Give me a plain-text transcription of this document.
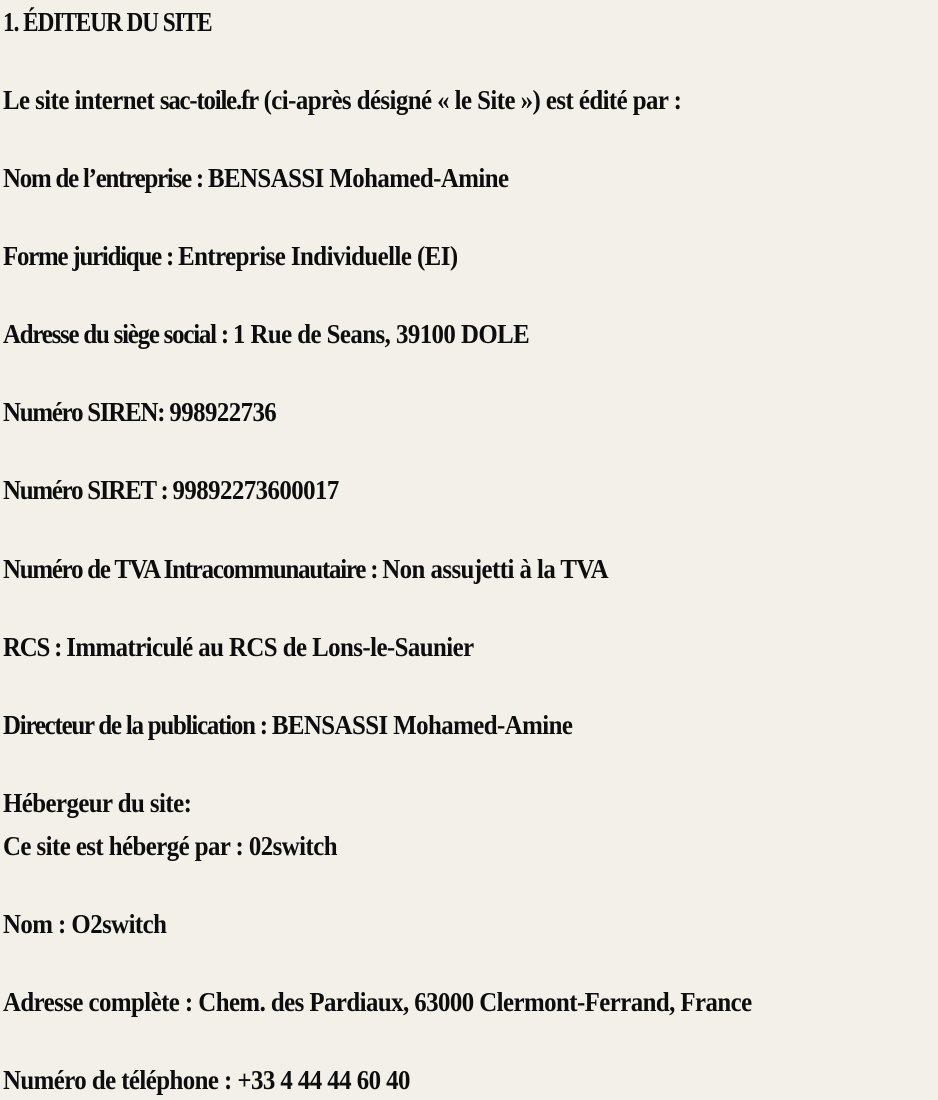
1. ÉDITEUR DU SITE
Le site internet sac-toile.fr (ci-après désigné « le Site ») est édité par :
Nom de l’entreprise : BENSASSI Mohamed-Amine
Forme juridique : Entreprise Individuelle (EI)
Adresse du siège social : 1 Rue de Seans, 39100 DOLE
Numéro SIREN: 998922736
Numéro SIRET : 99892273600017
Numéro de TVA Intracommunautaire : Non assujetti à la TVA
RCS : Immatriculé au RCS de Lons-le-Saunier
Directeur de la publication : BENSASSI Mohamed-Amine
Hébergeur du site:
Ce site est hébergé par : 02switch
Nom : O2switch
Adresse complète : Chem. des Pardiaux, 63000 Clermont-Ferrand, France
Numéro de téléphone : +33 4 44 44 60 40
